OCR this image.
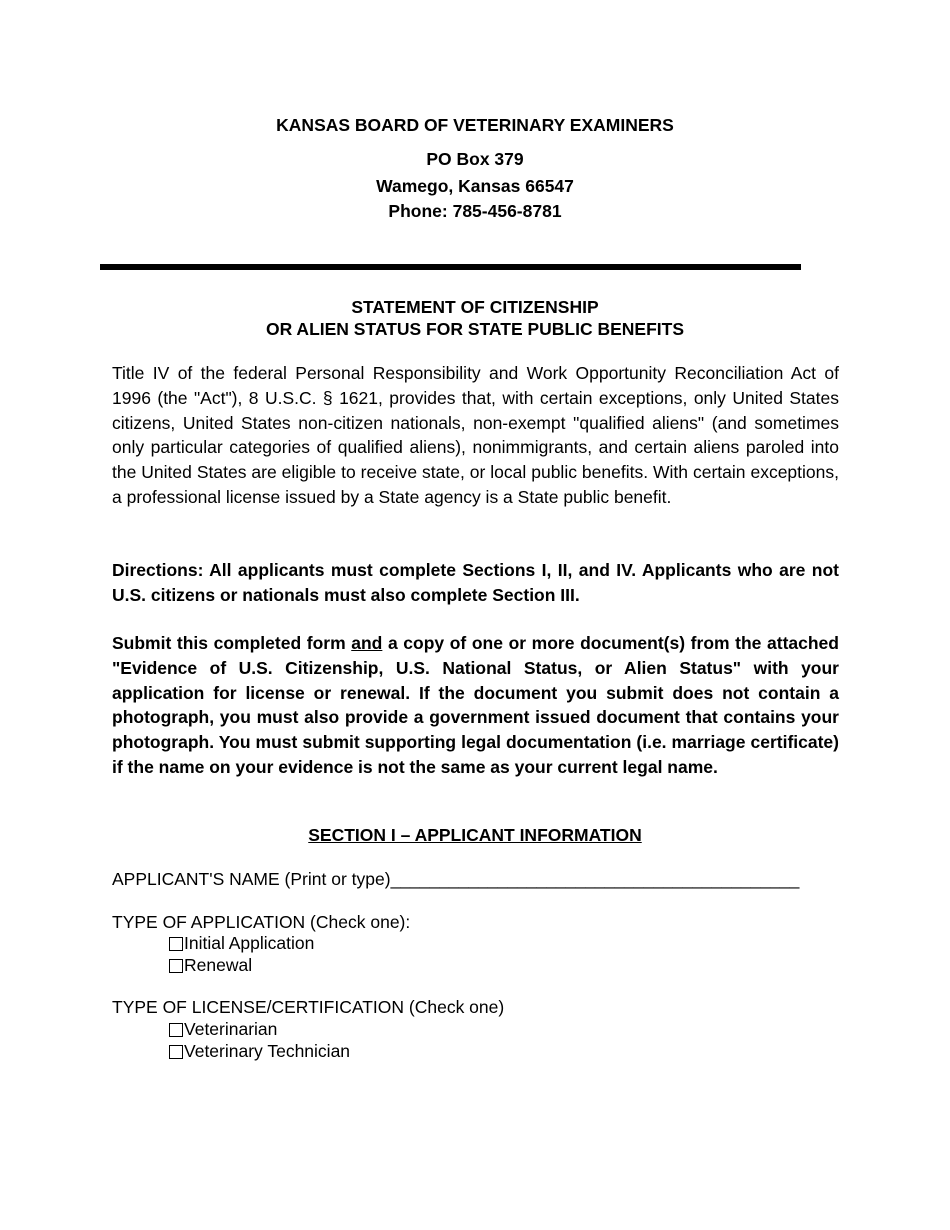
KANSAS BOARD OF VETERINARY EXAMINERS
PO Box 379
Wamego, Kansas 66547
Phone: 785-456-8781
STATEMENT OF CITIZENSHIP
OR ALIEN STATUS FOR STATE PUBLIC BENEFITS
Title IV of the federal Personal Responsibility and Work Opportunity Reconciliation Act of 1996 (the "Act"), 8 U.S.C. § 1621, provides that, with certain exceptions, only United States citizens, United States non-citizen nationals, non-exempt "qualified aliens" (and sometimes only particular categories of qualified aliens), nonimmigrants, and certain aliens paroled into the United States are eligible to receive state, or local public benefits. With certain exceptions, a professional license issued by a State agency is a State public benefit.
Directions: All applicants must complete Sections I, II, and IV. Applicants who are not U.S. citizens or nationals must also complete Section III.
Submit this completed form and a copy of one or more document(s) from the attached "Evidence of U.S. Citizenship, U.S. National Status, or Alien Status" with your application for license or renewal. If the document you submit does not contain a photograph, you must also provide a government issued document that contains your photograph. You must submit supporting legal documentation (i.e. marriage certificate) if the name on your evidence is not the same as your current legal name.
SECTION I – APPLICANT INFORMATION
APPLICANT'S NAME (Print or type)__________________________________________
TYPE OF APPLICATION (Check one):
Initial Application
Renewal
TYPE OF LICENSE/CERTIFICATION (Check one)
Veterinarian
Veterinary Technician
